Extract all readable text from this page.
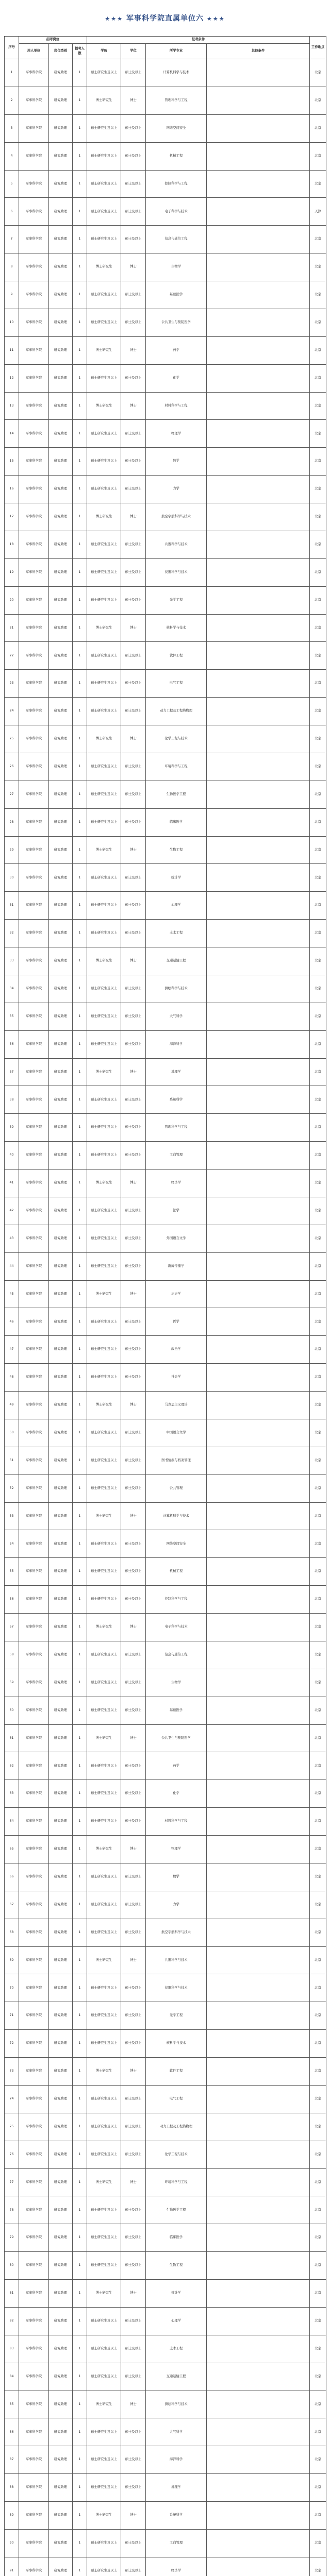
★★★ 军事科学院直属单位六 ★★★
序号	招考岗位			报考条件				工作地点
	用人单位	岗位类别	招考人数	学历	学位	所学专业	其他条件	
1	军事科学院	研究助理	1	硕士研究生及以上	硕士及以上	计算机科学与技术		北京
2	军事科学院	研究助理	1	博士研究生	博士	管理科学与工程		北京
3	军事科学院	研究助理	1	硕士研究生及以上	硕士及以上	网络空间安全		北京
4	军事科学院	研究助理	1	硕士研究生及以上	硕士及以上	机械工程		北京
5	军事科学院	研究助理	1	硕士研究生及以上	硕士及以上	控制科学与工程		北京
6	军事科学院	研究助理	1	硕士研究生及以上	硕士及以上	电子科学与技术		天津
7	军事科学院	研究助理	1	硕士研究生及以上	硕士及以上	信息与通信工程		北京
8	军事科学院	研究助理	1	博士研究生	博士	生物学		北京
9	军事科学院	研究助理	1	硕士研究生及以上	硕士及以上	基础医学		北京
10	军事科学院	研究助理	1	硕士研究生及以上	硕士及以上	公共卫生与预防医学		北京
11	军事科学院	研究助理	1	博士研究生	博士	药学		北京
12	军事科学院	研究助理	1	硕士研究生及以上	硕士及以上	化学		北京
13	军事科学院	研究助理	1	博士研究生	博士	材料科学与工程		北京
14	军事科学院	研究助理	1	硕士研究生及以上	硕士及以上	物理学		北京
15	军事科学院	研究助理	1	硕士研究生及以上	硕士及以上	数学		北京
16	军事科学院	研究助理	1	硕士研究生及以上	硕士及以上	力学		北京
17	军事科学院	研究助理	1	博士研究生	博士	航空宇航科学与技术		北京
18	军事科学院	研究助理	1	硕士研究生及以上	硕士及以上	兵器科学与技术		北京
19	军事科学院	研究助理	1	硕士研究生及以上	硕士及以上	仪器科学与技术		北京
20	军事科学院	研究助理	1	硕士研究生及以上	硕士及以上	光学工程		北京
21	军事科学院	研究助理	1	博士研究生	博士	核科学与技术		北京
22	军事科学院	研究助理	1	硕士研究生及以上	硕士及以上	软件工程		北京
23	军事科学院	研究助理	1	硕士研究生及以上	硕士及以上	电气工程		北京
24	军事科学院	研究助理	1	硕士研究生及以上	硕士及以上	动力工程及工程热物理		北京
25	军事科学院	研究助理	1	博士研究生	博士	化学工程与技术		北京
26	军事科学院	研究助理	1	硕士研究生及以上	硕士及以上	环境科学与工程		北京
27	军事科学院	研究助理	1	硕士研究生及以上	硕士及以上	生物医学工程		北京
28	军事科学院	研究助理	1	硕士研究生及以上	硕士及以上	临床医学		北京
29	军事科学院	研究助理	1	博士研究生	博士	生物工程		北京
30	军事科学院	研究助理	1	硕士研究生及以上	硕士及以上	统计学		北京
31	军事科学院	研究助理	1	硕士研究生及以上	硕士及以上	心理学		北京
32	军事科学院	研究助理	1	硕士研究生及以上	硕士及以上	土木工程		北京
33	军事科学院	研究助理	1	博士研究生	博士	交通运输工程		北京
34	军事科学院	研究助理	1	硕士研究生及以上	硕士及以上	测绘科学与技术		北京
35	军事科学院	研究助理	1	硕士研究生及以上	硕士及以上	大气科学		北京
36	军事科学院	研究助理	1	硕士研究生及以上	硕士及以上	海洋科学		北京
37	军事科学院	研究助理	1	博士研究生	博士	地理学		北京
38	军事科学院	研究助理	1	硕士研究生及以上	硕士及以上	系统科学		北京
39	军事科学院	研究助理	1	硕士研究生及以上	硕士及以上	管理科学与工程		北京
40	军事科学院	研究助理	1	硕士研究生及以上	硕士及以上	工商管理		北京
41	军事科学院	研究助理	1	博士研究生	博士	经济学		北京
42	军事科学院	研究助理	1	硕士研究生及以上	硕士及以上	法学		北京
43	军事科学院	研究助理	1	硕士研究生及以上	硕士及以上	外国语言文学		北京
44	军事科学院	研究助理	1	硕士研究生及以上	硕士及以上	新闻传播学		北京
45	军事科学院	研究助理	1	博士研究生	博士	历史学		北京
46	军事科学院	研究助理	1	硕士研究生及以上	硕士及以上	哲学		北京
47	军事科学院	研究助理	1	硕士研究生及以上	硕士及以上	政治学		北京
48	军事科学院	研究助理	1	硕士研究生及以上	硕士及以上	社会学		北京
49	军事科学院	研究助理	1	博士研究生	博士	马克思主义理论		北京
50	军事科学院	研究助理	1	硕士研究生及以上	硕士及以上	中国语言文学		北京
51	军事科学院	研究助理	1	硕士研究生及以上	硕士及以上	图书情报与档案管理		北京
52	军事科学院	研究助理	1	硕士研究生及以上	硕士及以上	公共管理		北京
53	军事科学院	研究助理	1	博士研究生	博士	计算机科学与技术		北京
54	军事科学院	研究助理	1	硕士研究生及以上	硕士及以上	网络空间安全		北京
55	军事科学院	研究助理	1	硕士研究生及以上	硕士及以上	机械工程		北京
56	军事科学院	研究助理	1	硕士研究生及以上	硕士及以上	控制科学与工程		北京
57	军事科学院	研究助理	1	博士研究生	博士	电子科学与技术		北京
58	军事科学院	研究助理	1	硕士研究生及以上	硕士及以上	信息与通信工程		北京
59	军事科学院	研究助理	1	硕士研究生及以上	硕士及以上	生物学		北京
60	军事科学院	研究助理	1	硕士研究生及以上	硕士及以上	基础医学		北京
61	军事科学院	研究助理	1	博士研究生	博士	公共卫生与预防医学		北京
62	军事科学院	研究助理	1	硕士研究生及以上	硕士及以上	药学		北京
63	军事科学院	研究助理	1	硕士研究生及以上	硕士及以上	化学		北京
64	军事科学院	研究助理	1	硕士研究生及以上	硕士及以上	材料科学与工程		北京
65	军事科学院	研究助理	1	博士研究生	博士	物理学		北京
66	军事科学院	研究助理	1	硕士研究生及以上	硕士及以上	数学		北京
67	军事科学院	研究助理	1	硕士研究生及以上	硕士及以上	力学		北京
68	军事科学院	研究助理	1	硕士研究生及以上	硕士及以上	航空宇航科学与技术		北京
69	军事科学院	研究助理	1	博士研究生	博士	兵器科学与技术		北京
70	军事科学院	研究助理	1	硕士研究生及以上	硕士及以上	仪器科学与技术		北京
71	军事科学院	研究助理	1	硕士研究生及以上	硕士及以上	光学工程		北京
72	军事科学院	研究助理	1	硕士研究生及以上	硕士及以上	核科学与技术		北京
73	军事科学院	研究助理	1	博士研究生	博士	软件工程		北京
74	军事科学院	研究助理	1	硕士研究生及以上	硕士及以上	电气工程		北京
75	军事科学院	研究助理	1	硕士研究生及以上	硕士及以上	动力工程及工程热物理		北京
76	军事科学院	研究助理	1	硕士研究生及以上	硕士及以上	化学工程与技术		北京
77	军事科学院	研究助理	1	博士研究生	博士	环境科学与工程		北京
78	军事科学院	研究助理	1	硕士研究生及以上	硕士及以上	生物医学工程		北京
79	军事科学院	研究助理	1	硕士研究生及以上	硕士及以上	临床医学		北京
80	军事科学院	研究助理	1	硕士研究生及以上	硕士及以上	生物工程		北京
81	军事科学院	研究助理	1	博士研究生	博士	统计学		北京
82	军事科学院	研究助理	1	硕士研究生及以上	硕士及以上	心理学		北京
83	军事科学院	研究助理	1	硕士研究生及以上	硕士及以上	土木工程		北京
84	军事科学院	研究助理	1	硕士研究生及以上	硕士及以上	交通运输工程		北京
85	军事科学院	研究助理	1	博士研究生	博士	测绘科学与技术		北京
86	军事科学院	研究助理	1	硕士研究生及以上	硕士及以上	大气科学		北京
87	军事科学院	研究助理	1	硕士研究生及以上	硕士及以上	海洋科学		北京
88	军事科学院	研究助理	1	硕士研究生及以上	硕士及以上	地理学		北京
89	军事科学院	研究助理	1	博士研究生	博士	系统科学		北京
90	军事科学院	研究助理	1	硕士研究生及以上	硕士及以上	工商管理		北京
91	军事科学院	研究助理	1	硕士研究生及以上	硕士及以上	经济学		北京
